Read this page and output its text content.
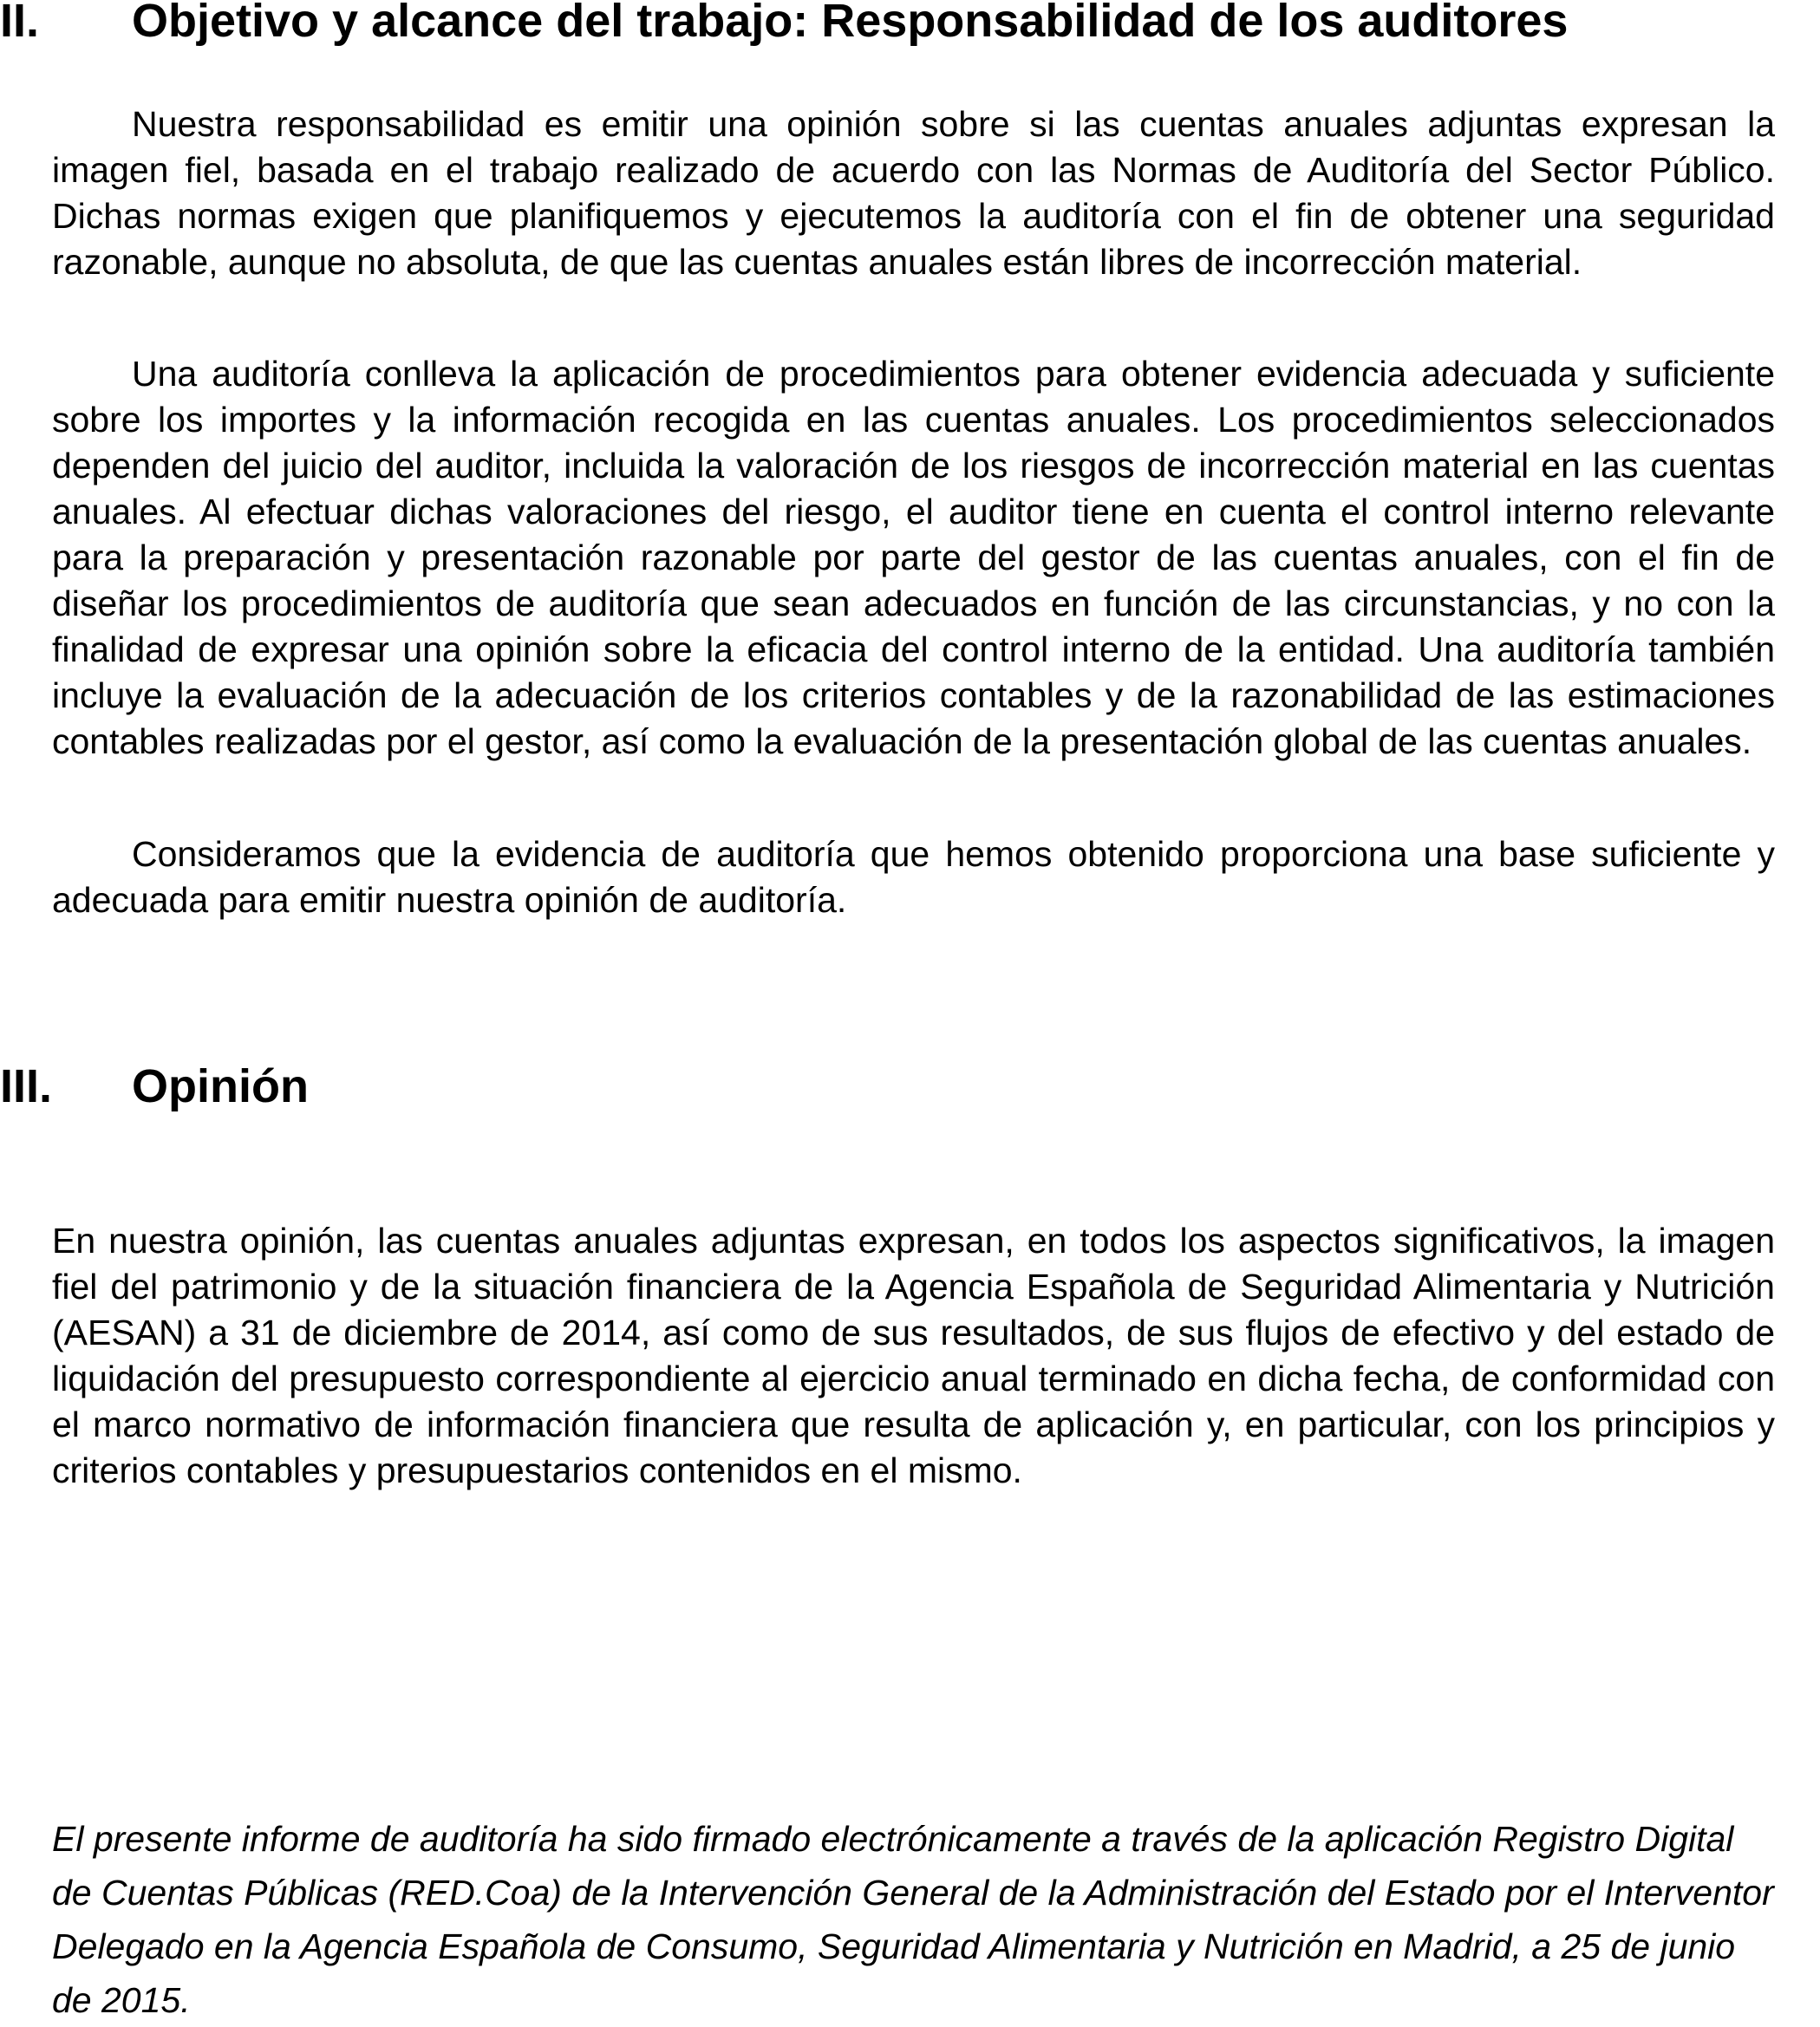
II. Objetivo y alcance del trabajo: Responsabilidad de los auditores

Nuestra responsabilidad es emitir una opinión sobre si las cuentas anuales adjuntas expresan la imagen fiel, basada en el trabajo realizado de acuerdo con las Normas de Auditoría del Sector Público. Dichas normas exigen que planifiquemos y ejecutemos la auditoría con el fin de obtener una seguridad razonable, aunque no absoluta, de que las cuentas anuales están libres de incorrección material.

Una auditoría conlleva la aplicación de procedimientos para obtener evidencia adecuada y suficiente sobre los importes y la información recogida en las cuentas anuales. Los procedimientos seleccionados dependen del juicio del auditor, incluida la valoración de los riesgos de incorrección material en las cuentas anuales. Al efectuar dichas valoraciones del riesgo, el auditor tiene en cuenta el control interno relevante para la preparación y presentación razonable por parte del gestor de las cuentas anuales, con el fin de diseñar los procedimientos de auditoría que sean adecuados en función de las circunstancias, y no con la finalidad de expresar una opinión sobre la eficacia del control interno de la entidad. Una auditoría también incluye la evaluación de la adecuación de los criterios contables y de la razonabilidad de las estimaciones contables realizadas por el gestor, así como la evaluación de la presentación global de las cuentas anuales.

Consideramos que la evidencia de auditoría que hemos obtenido proporciona una base suficiente y adecuada para emitir nuestra opinión de auditoría.

III. Opinión

En nuestra opinión, las cuentas anuales adjuntas expresan, en todos los aspectos significativos, la imagen fiel del patrimonio y de la situación financiera de la Agencia Española de Seguridad Alimentaria y Nutrición (AESAN) a 31 de diciembre de 2014, así como de sus resultados, de sus flujos de efectivo y del estado de liquidación del presupuesto correspondiente al ejercicio anual terminado en dicha fecha, de conformidad con el marco normativo de información financiera que resulta de aplicación y, en particular, con los principios y criterios contables y presupuestarios contenidos en el mismo.

El presente informe de auditoría ha sido firmado electrónicamente a través de la aplicación Registro Digital de Cuentas Públicas (RED.Coa) de la Intervención General de la Administración del Estado por el Interventor Delegado en la Agencia Española de Consumo, Seguridad Alimentaria y Nutrición en Madrid, a 25 de junio de 2015.
